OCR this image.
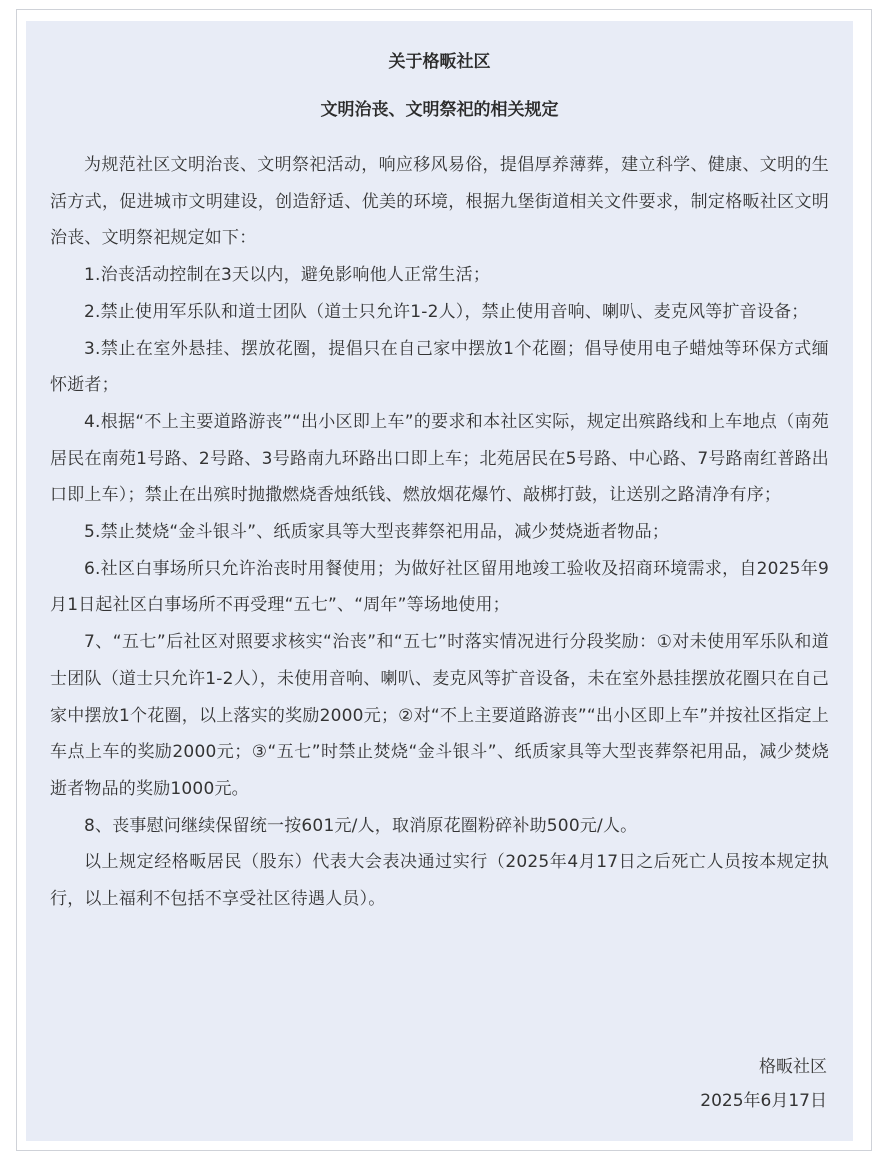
关于格畈社区
文明治丧、文明祭祀的相关规定

为规范社区文明治丧、文明祭祀活动，响应移风易俗，提倡厚养薄葬，建立科学、健康、文明的生活方式，促进城市文明建设，创造舒适、优美的环境，根据九堡街道相关文件要求，制定格畈社区文明治丧、文明祭祀规定如下：

1.治丧活动控制在3天以内，避免影响他人正常生活；

2.禁止使用军乐队和道士团队（道士只允许1-2人），禁止使用音响、喇叭、麦克风等扩音设备；

3.禁止在室外悬挂、摆放花圈，提倡只在自己家中摆放1个花圈；倡导使用电子蜡烛等环保方式缅怀逝者；

4.根据“不上主要道路游丧”“出小区即上车”的要求和本社区实际，规定出殡路线和上车地点（南苑居民在南苑1号路、2号路、3号路南九环路出口即上车；北苑居民在5号路、中心路、7号路南红普路出口即上车）；禁止在出殡时抛撒燃烧香烛纸钱、燃放烟花爆竹、敲梆打鼓，让送别之路清净有序；

5.禁止焚烧“金斗银斗”、纸质家具等大型丧葬祭祀用品，减少焚烧逝者物品；

6.社区白事场所只允许治丧时用餐使用；为做好社区留用地竣工验收及招商环境需求，自2025年9月1日起社区白事场所不再受理“五七”、“周年”等场地使用；

7、“五七”后社区对照要求核实“治丧”和“五七”时落实情况进行分段奖励：①对未使用军乐队和道士团队（道士只允许1-2人），未使用音响、喇叭、麦克风等扩音设备，未在室外悬挂摆放花圈只在自己家中摆放1个花圈，以上落实的奖励2000元；②对“不上主要道路游丧”“出小区即上车”并按社区指定上车点上车的奖励2000元；③“五七”时禁止焚烧“金斗银斗”、纸质家具等大型丧葬祭祀用品，减少焚烧逝者物品的奖励1000元。

8、丧事慰问继续保留统一按601元/人，取消原花圈粉碎补助500元/人。

以上规定经格畈居民（股东）代表大会表决通过实行（2025年4月17日之后死亡人员按本规定执行，以上福利不包括不享受社区待遇人员）。

格畈社区
2025年6月17日
